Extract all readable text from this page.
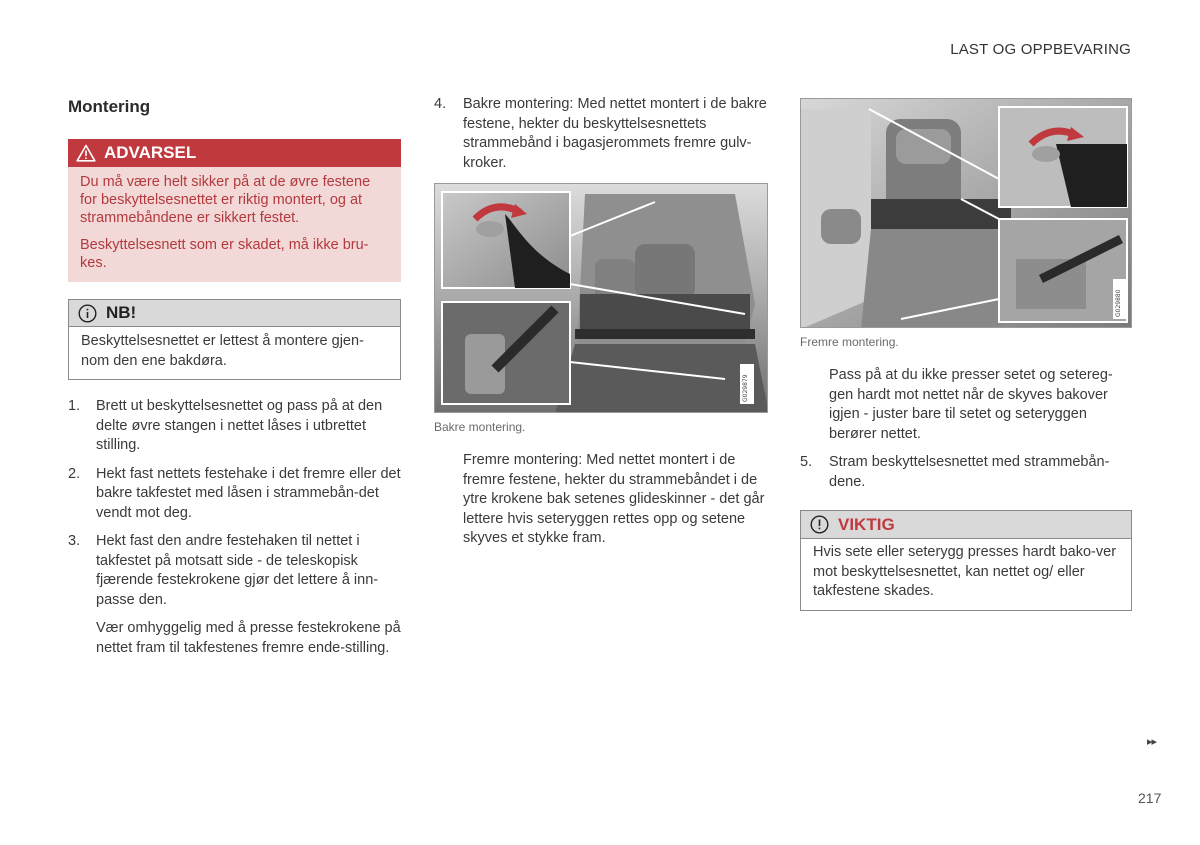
LAST OG OPPBEVARING
Montering
ADVARSEL

Du må være helt sikker på at de øvre festene for beskyttelsesnettet er riktig montert, og at strammebåndene er sikkert festet.

Beskyttelsesnett som er skadet, må ikke bru-kes.

NB!
Beskyttelsesnettet er lettest å montere gjen-nom den ene bakdøra.
1. Brett ut beskyttelsesnettet og pass på at den delte øvre stangen i nettet låses i utbrettet stilling.
2. Hekt fast nettets festehake i det fremre eller det bakre takfestet med låsen i strammebån-det vendt mot deg.
3. Hekt fast den andre festehaken til nettet i takfestet på motsatt side - de teleskopisk fjærende festekrokene gjør det lettere å inn-passe den.
Vær omhyggelig med å presse festekrokene på nettet fram til takfestenes fremre ende-stilling.
4. Bakre montering: Med nettet montert i de bakre festene, hekter du beskyttelsesnettets strammebånd i bagasjerommets fremre gulv-kroker.
G029879
Bakre montering.
Fremre montering: Med nettet montert i de fremre festene, hekter du strammebåndet i de ytre krokene bak setenes glideskinner - det går lettere hvis seteryggen rettes opp og setene skyves et stykke fram.
G029880
Fremre montering.
Pass på at du ikke presser setet og setereg-gen hardt mot nettet når de skyves bakover igjen - juster bare til setet og seteryggen berører nettet.
5. Stram beskyttelsesnettet med strammebån-dene.
VIKTIG
Hvis sete eller seterygg presses hardt bako-ver mot beskyttelsesnettet, kan nettet og/ eller takfestene skades.
▸▸
217
